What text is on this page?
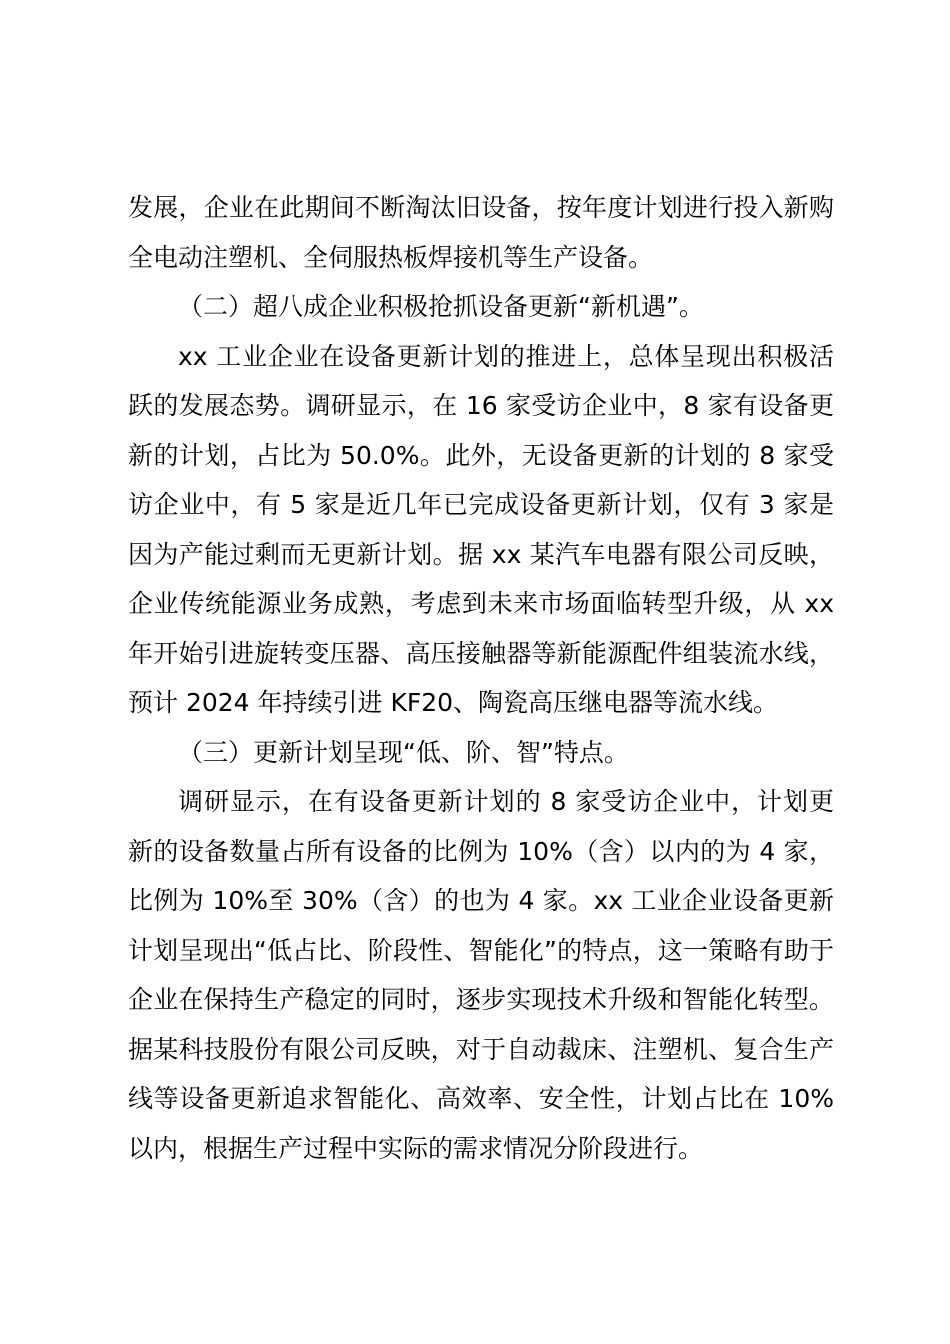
发展，企业在此期间不断淘汰旧设备，按年度计划进行投入新购全电动注塑机、全伺服热板焊接机等生产设备。

（二）超八成企业积极抢抓设备更新“新机遇”。

xx 工业企业在设备更新计划的推进上，总体呈现出积极活跃的发展态势。调研显示，在 16 家受访企业中，8 家有设备更新的计划，占比为 50.0%。此外，无设备更新的计划的 8 家受访企业中，有 5 家是近几年已完成设备更新计划，仅有 3 家是因为产能过剩而无更新计划。据 xx 某汽车电器有限公司反映，企业传统能源业务成熟，考虑到未来市场面临转型升级，从 xx 年开始引进旋转变压器、高压接触器等新能源配件组装流水线，预计 2024 年持续引进 KF20、陶瓷高压继电器等流水线。

（三）更新计划呈现“低、阶、智”特点。

调研显示，在有设备更新计划的 8 家受访企业中，计划更新的设备数量占所有设备的比例为 10%（含）以内的为 4 家，比例为 10%至 30%（含）的也为 4 家。xx 工业企业设备更新计划呈现出“低占比、阶段性、智能化”的特点，这一策略有助于企业在保持生产稳定的同时，逐步实现技术升级和智能化转型。据某科技股份有限公司反映，对于自动裁床、注塑机、复合生产线等设备更新追求智能化、高效率、安全性，计划占比在 10%以内，根据生产过程中实际的需求情况分阶段进行。
